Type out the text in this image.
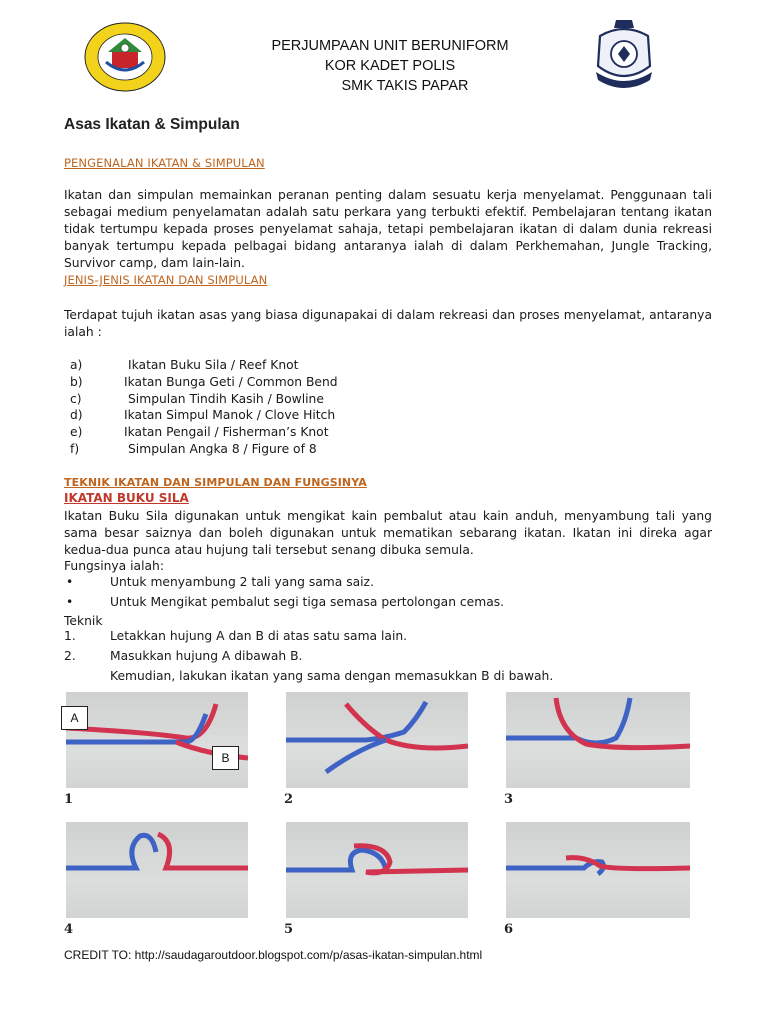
PERJUMPAAN UNIT BERUNIFORM
KOR KADET POLIS
SMK TAKIS PAPAR
Asas Ikatan & Simpulan
PENGENALAN IKATAN & SIMPULAN
Ikatan dan simpulan memainkan peranan penting dalam sesuatu kerja menyelamat. Penggunaan tali sebagai medium penyelamatan adalah satu perkara yang terbukti efektif. Pembelajaran tentang ikatan tidak tertumpu kepada proses penyelamat sahaja, tetapi pembelajaran ikatan di dalam dunia rekreasi banyak tertumpu kepada pelbagai bidang antaranya ialah di dalam Perkhemahan, Jungle Tracking, Survivor camp, dam lain-lain.
JENIS-JENIS IKATAN DAN SIMPULAN
Terdapat tujuh ikatan asas yang biasa digunapakai di dalam rekreasi dan proses menyelamat, antaranya ialah :
a)	Ikatan Buku Sila / Reef Knot
b)	Ikatan Bunga Geti / Common Bend
c)	Simpulan Tindih Kasih / Bowline
d)	Ikatan Simpul Manok / Clove Hitch
e)	Ikatan Pengail / Fisherman’s Knot
f)	Simpulan Angka 8 / Figure of 8
TEKNIK IKATAN DAN SIMPULAN DAN FUNGSINYA
IKATAN BUKU SILA
Ikatan Buku Sila digunakan untuk mengikat kain pembalut atau kain anduh, menyambung tali yang sama besar saiznya dan boleh digunakan untuk mematikan sebarang ikatan. Ikatan ini direka agar kedua-dua punca atau hujung tali tersebut senang dibuka semula.
Fungsinya ialah:
•	Untuk menyambung 2 tali yang sama saiz.
•	Untuk Mengikat pembalut segi tiga semasa pertolongan cemas.
Teknik
1.	Letakkan hujung A dan B di atas satu sama lain.
2.	Masukkan hujung A dibawah B.
Kemudian, lakukan ikatan yang sama dengan memasukkan B di bawah.
A
B
1	2	3
4	5	6
CREDIT TO: http://saudagaroutdoor.blogspot.com/p/asas-ikatan-simpulan.html
